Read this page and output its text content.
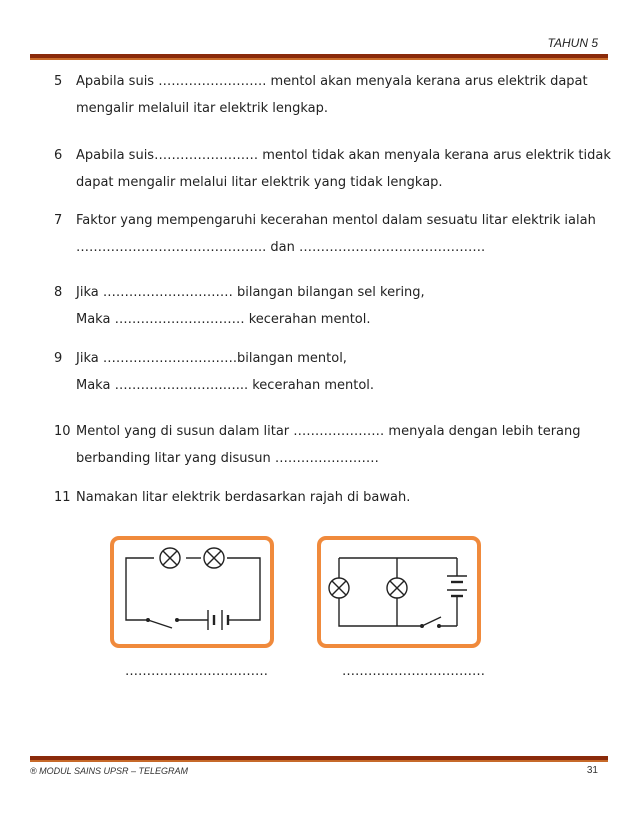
TAHUN 5
5 Apabila suis ……………………. mentol akan menyala kerana arus elektrik dapat
mengalir melaluil itar elektrik lengkap.
6 Apabila suis…………………… mentol tidak akan menyala kerana arus elektrik tidak
dapat mengalir melalui litar elektrik yang tidak lengkap.
7 Faktor yang mempengaruhi kecerahan mentol dalam sesuatu litar elektrik ialah
…………………………………….. dan …………………………………….
8 Jika ………………………… bilangan bilangan sel kering,
Maka ………………………… kecerahan mentol.
9 Jika ………………………….bilangan mentol,
Maka …………………….…... kecerahan mentol.
10 Mentol yang di susun dalam litar ………………… menyala dengan lebih terang
berbanding litar yang disusun ……………………
11 Namakan litar elektrik berdasarkan rajah di bawah.
……………………………	……………………………
® MODUL SAINS UPSR – TELEGRAM	31
